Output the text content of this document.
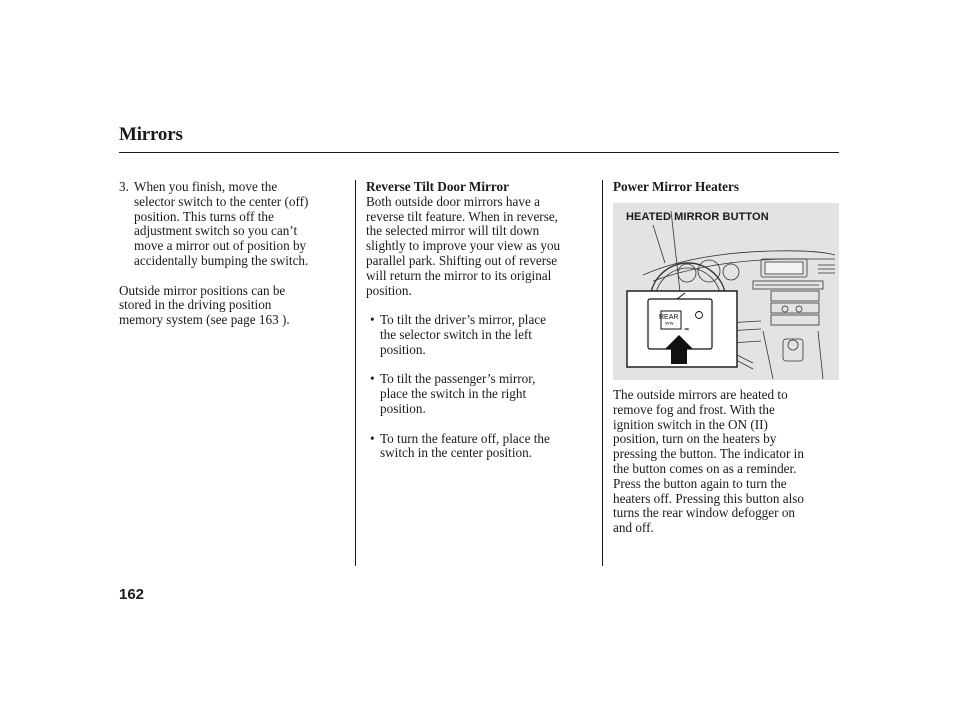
Mirrors
3. When you finish, move the

selector switch to the center (off)

position. This turns off the

adjustment switch so you can’t

move a mirror out of position by

accidentally bumping the switch.

Outside mirror positions can be

stored in the driving position

memory system (see page 163 ).

Reverse Tilt Door Mirror

Both outside door mirrors have a

reverse tilt feature. When in reverse,

the selected mirror will tilt down

slightly to improve your view as you

parallel park. Shifting out of reverse

will return the mirror to its original

position.

• To tilt the driver’s mirror, place

the selector switch in the left

position.

• To tilt the passenger’s mirror,

place the switch in the right

position.

• To turn the feature off, place the

switch in the center position.

Power Mirror Heaters

REAR
ᵂᵂ
⇛
HEATED MIRROR BUTTON

The outside mirrors are heated to

remove fog and frost. With the

ignition switch in the ON (II)

position, turn on the heaters by

pressing the button. The indicator in

the button comes on as a reminder.

Press the button again to turn the

heaters off. Pressing this button also

turns the rear window defogger on

and off.

162
